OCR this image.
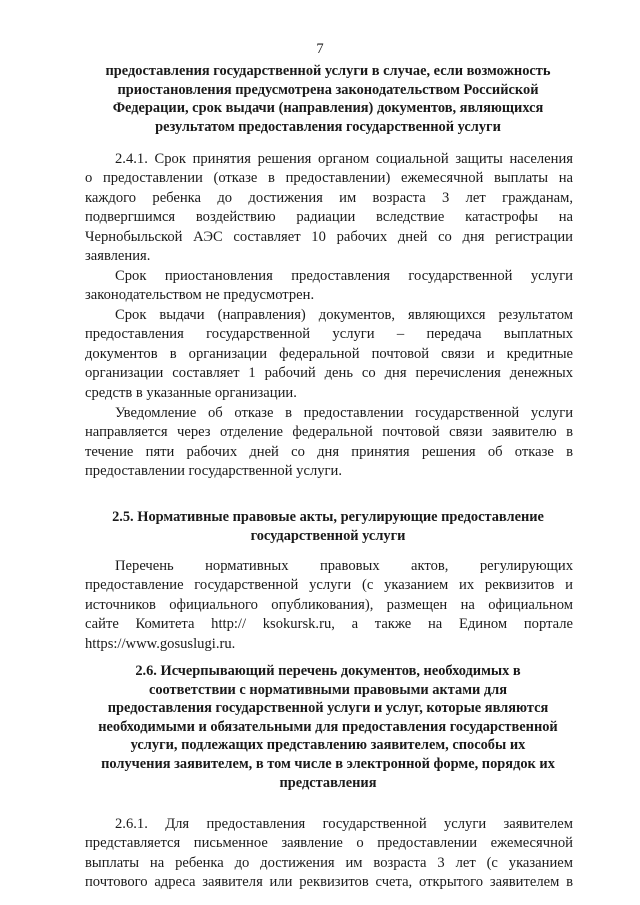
7
предоставления государственной услуги в случае, если возможность
приостановления предусмотрена законодательством Российской
Федерации, срок выдачи (направления) документов, являющихся
результатом предоставления государственной услуги
2.4.1. Срок принятия решения органом социальной защиты населения
о предоставлении (отказе в предоставлении) ежемесячной выплаты на
каждого ребенка до достижения им возраста 3 лет гражданам,
подвергшимся воздействию радиации вследствие катастрофы на
Чернобыльской АЭС составляет 10 рабочих дней со дня регистрации
заявления.
Срок приостановления предоставления государственной услуги
законодательством не предусмотрен.
Срок выдачи (направления) документов, являющихся результатом
предоставления государственной услуги – передача выплатных
документов в организации федеральной почтовой связи и кредитные
организации составляет 1 рабочий день со дня перечисления денежных
средств в указанные организации.
Уведомление об отказе в предоставлении государственной услуги
направляется через отделение федеральной почтовой связи заявителю в
течение пяти рабочих дней со дня принятия решения об отказе в
предоставлении государственной услуги.
2.5. Нормативные правовые акты, регулирующие предоставление
государственной услуги
Перечень нормативных правовых актов, регулирующих
предоставление государственной услуги (с указанием их реквизитов и
источников официального опубликования), размещен на официальном
сайте Комитета http:// ksokursk.ru, а также на Едином портале
https://www.gosuslugi.ru.
2.6. Исчерпывающий перечень документов, необходимых в
соответствии с нормативными правовыми актами для
предоставления государственной услуги и услуг, которые являются
необходимыми и обязательными для предоставления государственной
услуги, подлежащих представлению заявителем, способы их
получения заявителем, в том числе в электронной форме, порядок их
представления
2.6.1. Для предоставления государственной услуги заявителем
представляется письменное заявление о предоставлении ежемесячной
выплаты на ребенка до достижения им возраста 3 лет (с указанием
почтового адреса заявителя или реквизитов счета, открытого заявителем в
